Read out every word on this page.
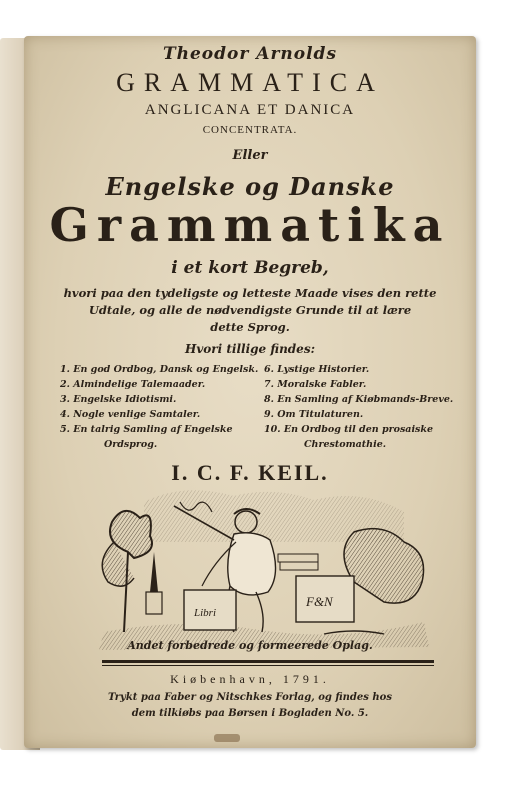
Theodor Arnolds
GRAMMATICA
ANGLICANA ET DANICA
CONCENTRATA.
Eller
Engelske og Danske
Grammatika
i et kort Begreb,
hvori paa den tydeligste og letteste Maade vises den rette
Udtale, og alle de nødvendigste Grunde til at lære
dette Sprog.
Hvori tillige findes:
1. En god Ordbog, Dansk og Engelsk.
2. Almindelige Talemaader.
3. Engelske Idiotismi.
4. Nogle venlige Samtaler.
5. En talrig Samling af Engelske
Ordsprog.
6. Lystige Historier.
7. Moralske Fabler.
8. En Samling af Kiøbmands-Breve.
9. Om Titulaturen.
10. En Ordbog til den prosaiske
Chrestomathie.
I. C. F. KEIL.
Libri
F&N
Andet forbedrede og formeerede Oplag.
Kiøbenhavn, 1791.
Trykt paa Faber og Nitschkes Forlag, og findes hos
dem tilkiøbs paa Børsen i Bogladen No. 5.
